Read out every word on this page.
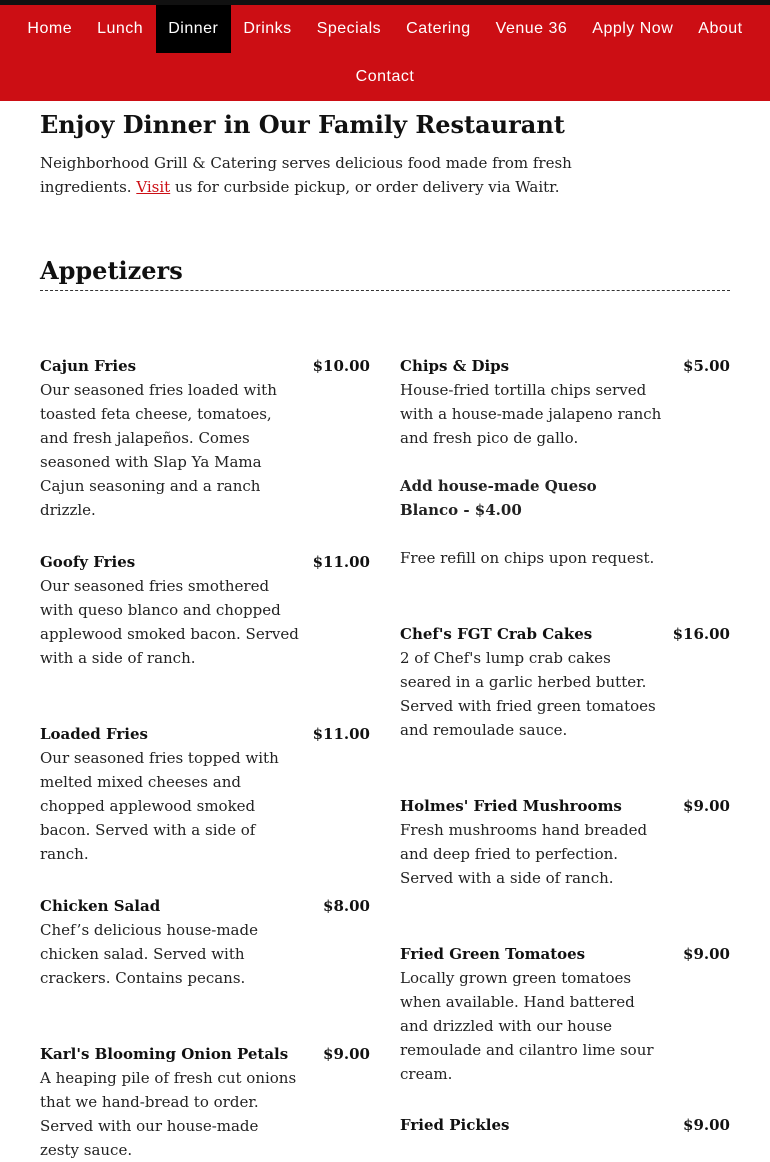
Home	Lunch	Dinner	Drinks	Specials	Catering	Venue 36	Apply Now	About
Contact
Enjoy Dinner in Our Family Restaurant
Neighborhood Grill & Catering serves delicious food made from fresh ingredients. Visit us for curbside pickup, or order delivery via Waitr.
Appetizers
Cajun Fries	$10.00
Our seasoned fries loaded with toasted feta cheese, tomatoes, and fresh jalapeños. Comes seasoned with Slap Ya Mama Cajun seasoning and a ranch drizzle.
Goofy Fries	$11.00
Our seasoned fries smothered with queso blanco and chopped applewood smoked bacon. Served with a side of ranch.
Loaded Fries	$11.00
Our seasoned fries topped with melted mixed cheeses and chopped applewood smoked bacon. Served with a side of ranch.
Chicken Salad	$8.00
Chef’s delicious house-made chicken salad. Served with crackers. Contains pecans.
Karl's Blooming Onion Petals $9.00
A heaping pile of fresh cut onions that we hand-bread to order. Served with our house-made zesty sauce.
Chips & Dips	$5.00
House-fried tortilla chips served with a house-made jalapeno ranch and fresh pico de gallo.
Add house-made Queso Blanco - $4.00
Free refill on chips upon request.
Chef's FGT Crab Cakes	$16.00
2 of Chef's lump crab cakes seared in a garlic herbed butter. Served with fried green tomatoes and remoulade sauce.
Holmes' Fried Mushrooms	$9.00
Fresh mushrooms hand breaded and deep fried to perfection. Served with a side of ranch.
Fried Green Tomatoes	$9.00
Locally grown green tomatoes when available. Hand battered and drizzled with our house remoulade and cilantro lime sour cream.
Fried Pickles	$9.00
